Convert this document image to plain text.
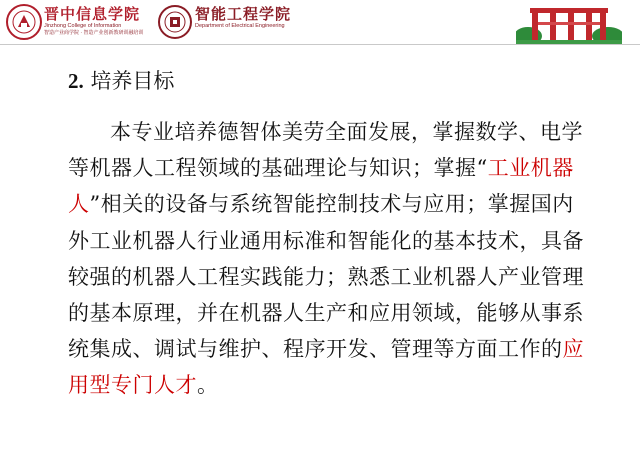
晋中信息学院
Jinzhong College of Information
智造产业商学院 · 智造产业创新教研训融培训
智能工程学院
Department of Electrical Engineering
2. 培养目标
本专业培养德智体美劳全面发展，掌握数学、电学等机器人工程领域的基础理论与知识；掌握“工业机器人”相关的设备与系统智能控制技术与应用；掌握国内外工业机器人行业通用标准和智能化的基本技术，具备较强的机器人工程实践能力；熟悉工业机器人产业管理的基本原理，并在机器人生产和应用领域，能够从事系统集成、调试与维护、程序开发、管理等方面工作的应用型专门人才。
